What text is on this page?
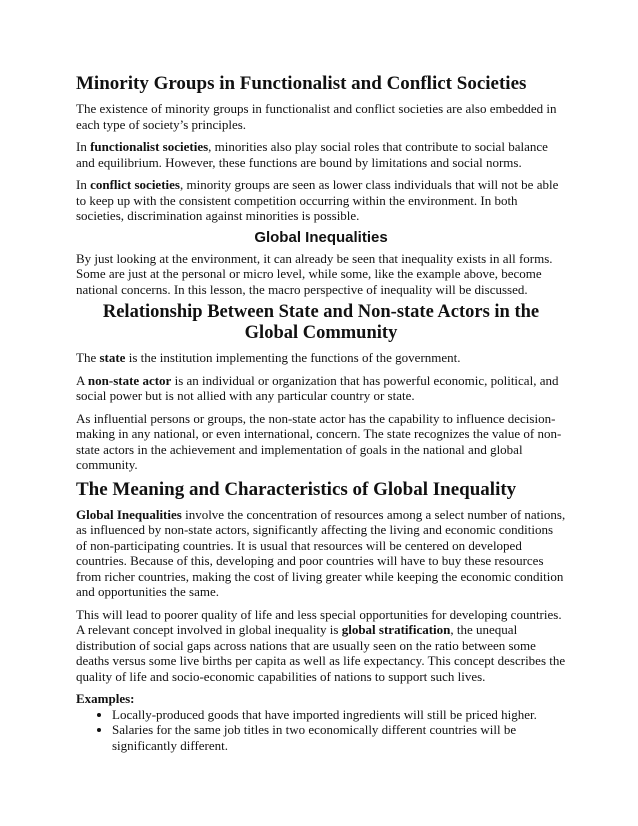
Minority Groups in Functionalist and Conflict Societies

The existence of minority groups in functionalist and conflict societies are also embedded in each type of society’s principles.

In functionalist societies, minorities also play social roles that contribute to social balance and equilibrium. However, these functions are bound by limitations and social norms.

In conflict societies, minority groups are seen as lower class individuals that will not be able to keep up with the consistent competition occurring within the environment. In both societies, discrimination against minorities is possible.

Global Inequalities

By just looking at the environment, it can already be seen that inequality exists in all forms. Some are just at the personal or micro level, while some, like the example above, become national concerns. In this lesson, the macro perspective of inequality will be discussed.

Relationship Between State and Non-state Actors in the Global Community

The state is the institution implementing the functions of the government.

A non-state actor is an individual or organization that has powerful economic, political, and social power but is not allied with any particular country or state.

As influential persons or groups, the non-state actor has the capability to influence decision-making in any national, or even international, concern. The state recognizes the value of non-state actors in the achievement and implementation of goals in the national and global community.

The Meaning and Characteristics of Global Inequality

Global Inequalities involve the concentration of resources among a select number of nations, as influenced by non-state actors, significantly affecting the living and economic conditions of non-participating countries. It is usual that resources will be centered on developed countries. Because of this, developing and poor countries will have to buy these resources from richer countries, making the cost of living greater while keeping the economic condition and opportunities the same.

This will lead to poorer quality of life and less special opportunities for developing countries. A relevant concept involved in global inequality is global stratification, the unequal distribution of social gaps across nations that are usually seen on the ratio between some deaths versus some live births per capita as well as life expectancy. This concept describes the quality of life and socio-economic capabilities of nations to support such lives.

Examples:
• Locally-produced goods that have imported ingredients will still be priced higher.
• Salaries for the same job titles in two economically different countries will be significantly different.
